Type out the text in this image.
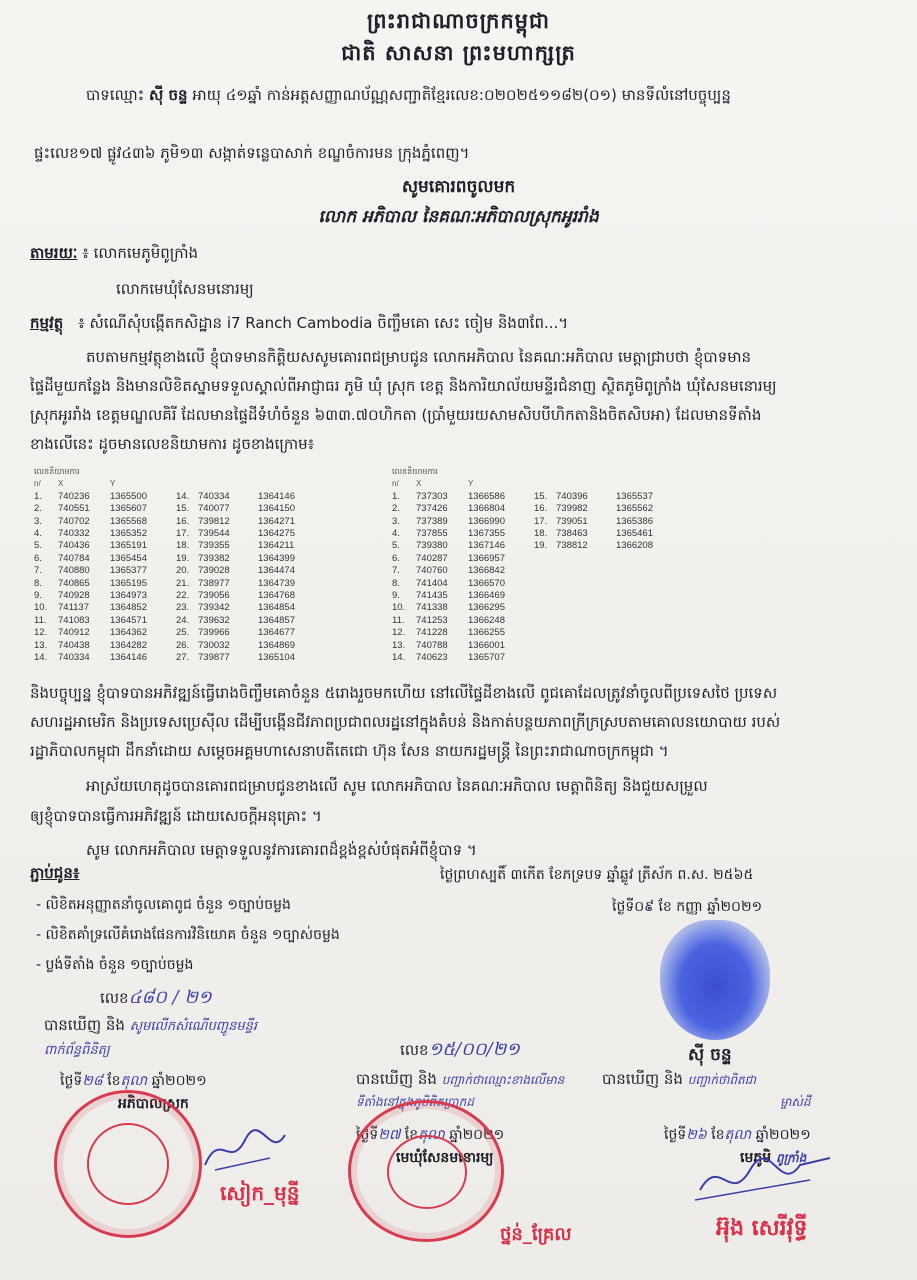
ព្រះរាជាណាចក្រកម្ពុជា
ជាតិ សាសនា ព្រះមហាក្សត្រ
បាទឈ្មោះ ស៊ី ចន្ទ អាយុ ៤១ឆ្នាំ កាន់អត្តសញ្ញាណប័ណ្ណសញ្ជាតិខ្មែរលេខ:០២០២៥១១៨២(០១) មានទីលំនៅបច្ចុប្បន្ន
ផ្ទះលេខ១៧ ផ្លូវ៤៣៦ ភូមិ១៣ សង្កាត់ទន្លេបាសាក់ ខណ្ឌចំការមន ក្រុងភ្នំពេញ។
សូមគោរពចូលមក
លោក អភិបាល នៃគណៈអភិបាលស្រុកអូររាំង
តាមរយៈ ៖ លោកមេភូមិពូក្រាំង
លោកមេឃុំសែនមនោរម្យ
កម្មវត្ថុ ៖ សំណើសុំបង្កើតកសិដ្ឋាន i7 Ranch Cambodia ចិញ្ចឹមគោ សេះ ចៀម និង៣ពែ...។
តបតាមកម្មវត្ថុខាងលើ ខ្ញុំបាទមានកិត្តិយសសូមគោរពជម្រាបជូន លោកអភិបាល នៃគណៈអភិបាល មេត្តាជ្រាបថា ខ្ញុំបាទមាន
ផ្ទៃដីមួយកន្លែង និងមានលិខិតស្នាមទទួលស្គាល់ពីអាជ្ញាធរ ភូមិ ឃុំ ស្រុក ខេត្ត និងការិយាល័យមន្ទីរជំនាញ ស្ថិតភូមិពូក្រាំង ឃុំសែនមនោរម្យ
ស្រុកអូររាំង ខេត្តមណ្ឌលគិរី ដែលមានផ្ទៃដីទំហំចំនួន ៦៣៣.៧០ហិកតា (ប្រាំមួយរយសាមសិបបីហិកតានិងចិតសិបអា) ដែលមានទីតាំង
ខាងលើនេះ ដូចមានលេខនិយាមការ ដូចខាងក្រោម៖
លេខនិយាមការ
n/	X	Y
1.	740236	1365500	14. 740334	1364146
2.	740551	1365607	15. 740077	1364150
3.	740702	1365568	16. 739812	1364271
4.	740332	1365352	17. 739544	1364275
5.	740436	1365191	18. 739355	1364211
6.	740784	1365454	19. 739382	1364399
7.	740880	1365377	20. 739028	1364474
8.	740865	1365195	21. 738977	1364739
9.	740928	1364973	22. 739056	1364768
10.	741137	1364852	23. 739342	1364854
11.	741083	1364571	24. 739632	1364857
12.	740912	1364362	25. 739966	1364677
13.	740438	1364282	26. 730032	1364869
14.	740334	1364146	27. 739877	1365104
លេខនិយាមការ
n/	X	Y
1.	737303	1366586	15. 740396	1365537
2.	737426	1366804	16. 739982	1365562
3.	737389	1366990	17. 739051	1365386
4.	737855	1367355	18. 738463	1365461
5.	739380	1367146	19. 738812	1366208
6.	740287	1366957
7.	740760	1366842
8.	741404	1366570
9.	741435	1366469
10.	741338	1366295
11.	741253	1366248
12.	741228	1366255
13.	740788	1366001
14.	740623	1365707
និងបច្ចុប្បន្ន ខ្ញុំបាទបានអភិវឌ្ឍន៍ធ្វើរោងចិញ្ចឹមគោចំនួន ៥រោងរួចមកហើយ នៅលើផ្ទៃដីខាងលើ ពូជគោដែលត្រូវនាំចូលពីប្រទេសថៃ ប្រទេស
សហរដ្ឋអាមេរិក និងប្រទេសប្រេស៊ីល ដើម្បីបង្កើនជីវភាពប្រជាពលរដ្ឋនៅក្នុងតំបន់ និងកាត់បន្ថយភាពក្រីក្រស្របតាមគោលនយោបាយ របស់
រដ្ឋាភិបាលកម្ពុជា ដឹកនាំដោយ សម្តេចអគ្គមហាសេនាបតីតេជោ ហ៊ុន សែន នាយករដ្ឋមន្ត្រី នៃព្រះរាជាណាចក្រកម្ពុជា ។
អាស្រ័យហេតុដូចបានគោរពជម្រាបជូនខាងលើ សូម លោកអភិបាល នៃគណៈអភិបាល មេត្តាពិនិត្យ និងជួយសម្រួល
ឲ្យខ្ញុំបាទបានធ្វើការអភិវឌ្ឍន៍ ដោយសេចក្តីអនុគ្រោះ ។
សូម លោកអភិបាល មេត្តាទទួលនូវការគោរពដ៏ខ្ពង់ខ្ពស់បំផុតអំពីខ្ញុំបាទ ។
ភ្ជាប់ជូន៖
- លិខិតអនុញ្ញាតនាំចូលគោពូជ ចំនួន ១ច្បាប់ចម្លង
- លិខិតគាំទ្រលើគំរោងផែនការវិនិយោគ ចំនួន ១ច្បាស់ចម្លង
- ប្លង់ទីតាំង ចំនួន ១ច្បាប់ចម្លង
ថ្ងៃព្រហស្បតិ៍ ៣កើត ខែភទ្របទ ឆ្នាំឆ្លូវ ត្រីស័ក ព.ស. ២៥៦៥
ថ្ងៃទី០៩ ខែ កញ្ញា ឆ្នាំ២០២១
ស៊ី ចន្ទ
លេខ៤៨០ / ២១
បានឃើញ និង សូមលើកសំណើបញ្ជូនមន្ទីរ
ពាក់ព័ន្ធពិនិត្យ
ថ្ងៃទី២៨ ខែតុលា ឆ្នាំ២០២១
អភិបាលស្រុក
សៀក_មុន្នី
លេខ១៥/០០/២១
បានឃើញ និង បញ្ជាក់ថាឈ្មោះខាងលើមាន
ទីតាំងនៅក្នុងភូមិពិតប្រាកដ
ថ្ងៃទី២៧ ខែតុលា ឆ្នាំ២០២១
មេឃុំសែនមនោរម្យ
ថ្នន់_គ្រែល
បានឃើញ និង បញ្ជាក់ថាពិតជា
ម្ចាស់ដី
ថ្ងៃទី២៦ ខែតុលា ឆ្នាំ២០២១
មេភូមិ ពូក្រាំង
អ៊ុង សេរីវុទ្ធី
